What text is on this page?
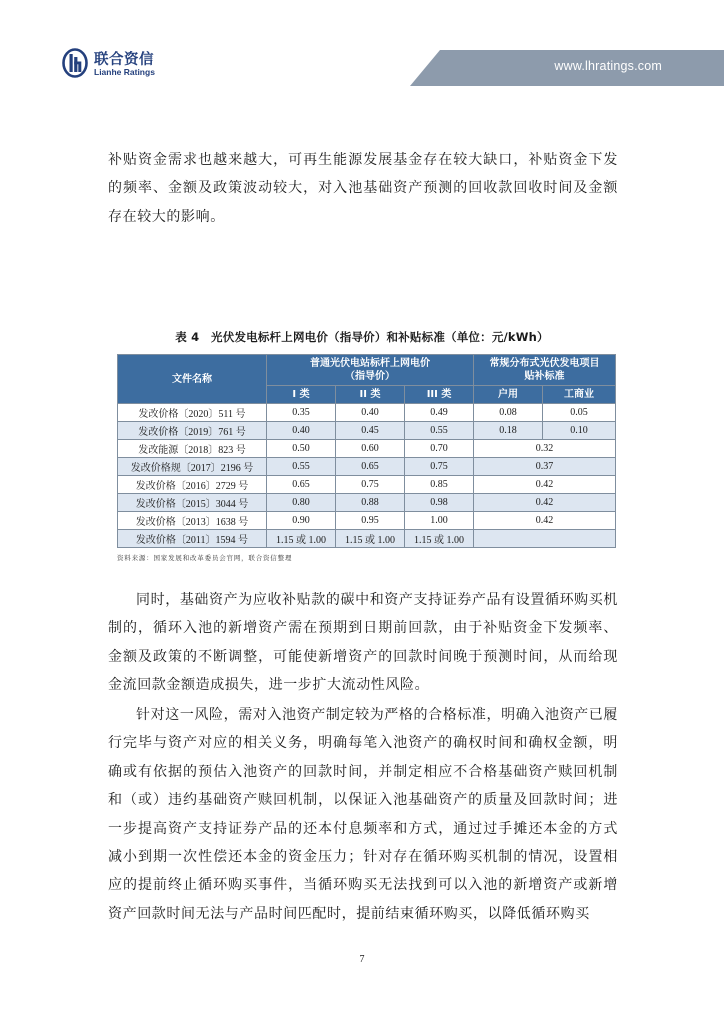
联合资信
Lianhe Ratings	www.lhratings.com

补贴资金需求也越来越大，可再生能源发展基金存在较大缺口，补贴资金下发的频率、金额及政策波动较大，对入池基础资产预测的回收款回收时间及金额存在较大的影响。

表 4　光伏发电标杆上网电价（指导价）和补贴标准（单位：元/kWh）
文件名称	普通光伏电站标杆上网电价（指导价）			常规分布式光伏发电项目贴补标准	
	I 类	II 类	III 类	户用	工商业
发改价格〔2020〕511 号	0.35	0.40	0.49	0.08	0.05
发改价格〔2019〕761 号	0.40	0.45	0.55	0.18	0.10
发改能源〔2018〕823 号	0.50	0.60	0.70	0.32	
发改价格规〔2017〕2196 号	0.55	0.65	0.75	0.37	
发改价格〔2016〕2729 号	0.65	0.75	0.85	0.42	
发改价格〔2015〕3044 号	0.80	0.88	0.98	0.42	
发改价格〔2013〕1638 号	0.90	0.95	1.00	0.42	
发改价格〔2011〕1594 号	1.15 或 1.00	1.15 或 1.00	1.15 或 1.00		
资料来源：国家发展和改革委员会官网，联合资信整理

同时，基础资产为应收补贴款的碳中和资产支持证券产品有设置循环购买机制的，循环入池的新增资产需在预期到日期前回款，由于补贴资金下发频率、金额及政策的不断调整，可能使新增资产的回款时间晚于预测时间，从而给现金流回款金额造成损失，进一步扩大流动性风险。

针对这一风险，需对入池资产制定较为严格的合格标准，明确入池资产已履行完毕与资产对应的相关义务，明确每笔入池资产的确权时间和确权金额，明确或有依据的预估入池资产的回款时间，并制定相应不合格基础资产赎回机制和（或）违约基础资产赎回机制，以保证入池基础资产的质量及回款时间；进一步提高资产支持证券产品的还本付息频率和方式，通过过手摊还本金的方式减小到期一次性偿还本金的资金压力；针对存在循环购买机制的情况，设置相应的提前终止循环购买事件，当循环购买无法找到可以入池的新增资产或新增资产回款时间无法与产品时间匹配时，提前结束循环购买，以降低循环购买

7
